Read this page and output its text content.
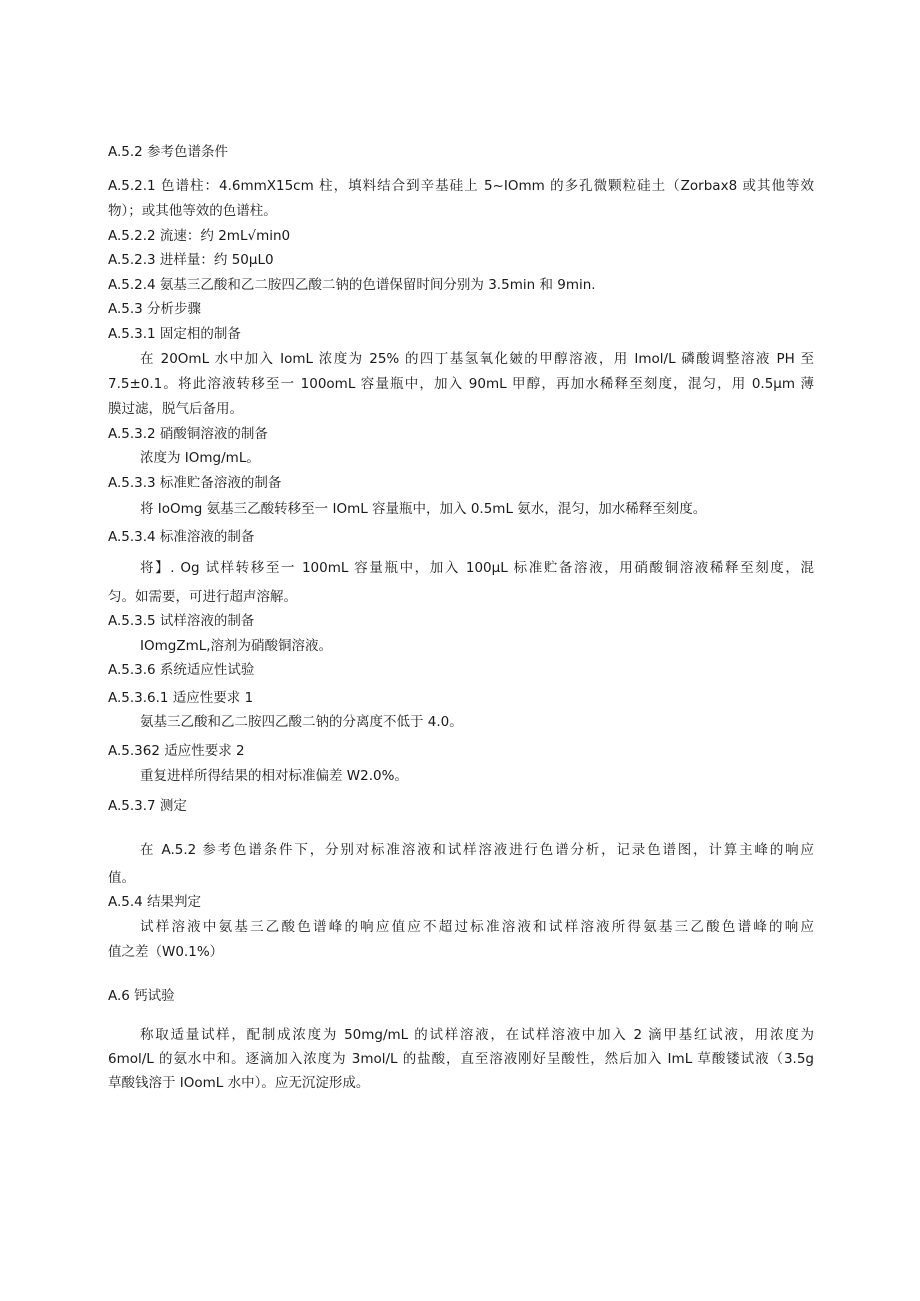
A.5.2 参考色谱条件
A.5.2.1 色谱柱：4.6mmX15cm 柱，填料结合到辛基硅上 5~IOmm 的多孔微颗粒硅土（Zorbax8 或其他等效
物）；或其他等效的色谱柱。
A.5.2.2 流速：约 2mL√min0
A.5.2.3 进样量：约 50μL0
A.5.2.4 氨基三乙酸和乙二胺四乙酸二钠的色谱保留时间分别为 3.5min 和 9min.
A.5.3 分析步骤
A.5.3.1 固定相的制备
在 20OmL 水中加入 IomL 浓度为 25% 的四丁基氢氧化皴的甲醇溶液，用 Imol/L 磷酸调整溶液 PH 至
7.5±0.1。将此溶液转移至一 100omL 容量瓶中，加入 90mL 甲醇，再加水稀释至刻度，混匀，用 0.5μm 薄
膜过滤，脱气后备用。
A.5.3.2 硝酸铜溶液的制备
浓度为 IOmg/mL。
A.5.3.3 标准贮备溶液的制备
将 IoOmg 氨基三乙酸转移至一 IOmL 容量瓶中，加入 0.5mL 氨水，混匀，加水稀释至刻度。
A.5.3.4 标准溶液的制备
将】. Og 试样转移至一 100mL 容量瓶中，加入 100μL 标准贮备溶液，用硝酸铜溶液稀释至刻度，混
匀。如需要，可进行超声溶解。
A.5.3.5 试样溶液的制备
IOmgZmL,溶剂为硝酸铜溶液。
A.5.3.6 系统适应性试验
A.5.3.6.1 适应性要求 1
氨基三乙酸和乙二胺四乙酸二钠的分离度不低于 4.0。
A.5.362 适应性要求 2
重复进样所得结果的相对标准偏差 W2.0%。
A.5.3.7 测定
在 A.5.2 参考色谱条件下，分别对标准溶液和试样溶液进行色谱分析，记录色谱图，计算主峰的响应
值。
A.5.4 结果判定
试样溶液中氨基三乙酸色谱峰的响应值应不超过标准溶液和试样溶液所得氨基三乙酸色谱峰的响应
值之差（W0.1%）
A.6 钙试验
称取适量试样，配制成浓度为 50mg∕mL 的试样溶液，在试样溶液中加入 2 滴甲基红试液，用浓度为
6mol∕L 的氨水中和。逐滴加入浓度为 3mol∕L 的盐酸，直至溶液刚好呈酸性，然后加入 ImL 草酸镂试液（3.5g
草酸钱溶于 IOomL 水中）。应无沉淀形成。
